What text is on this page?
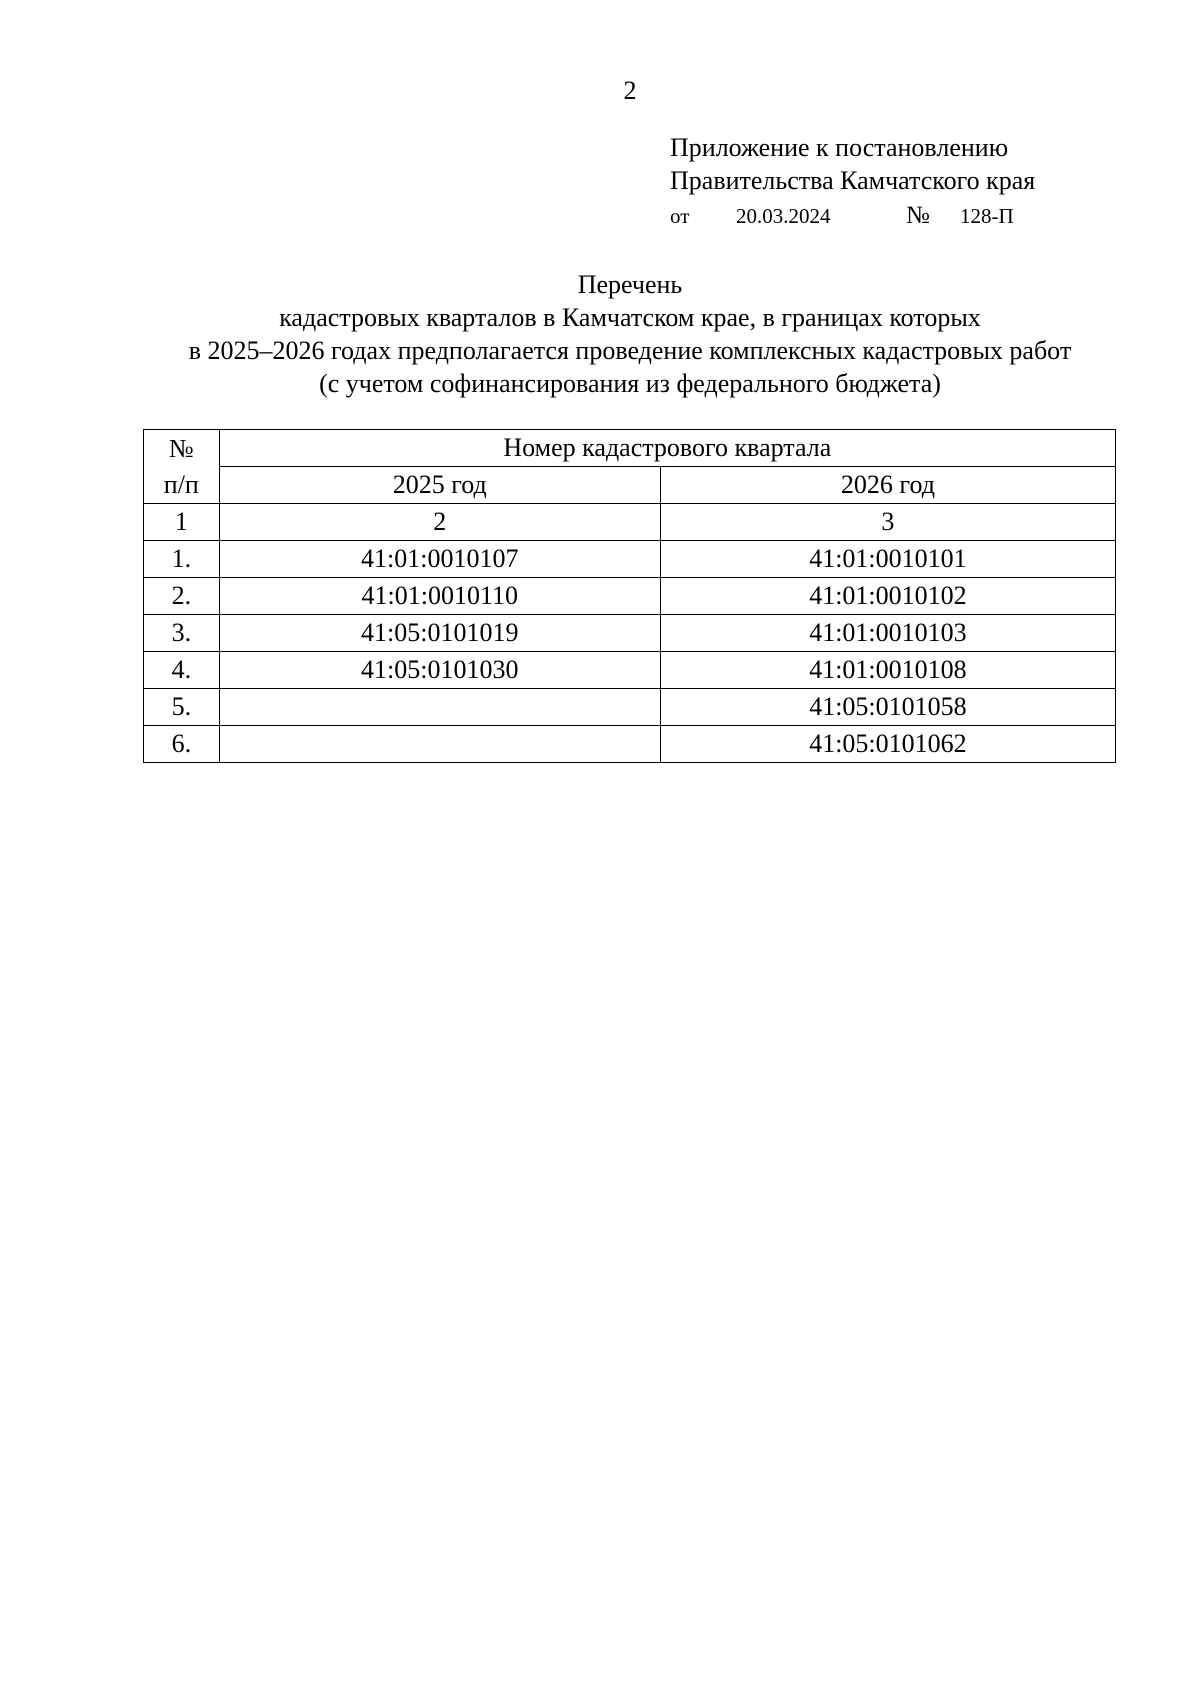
2
Приложение к постановлению
Правительства Камчатского края
от 20.03.2024	№ 128-П
Перечень
кадастровых кварталов в Камчатском крае, в границах которых
в 2025–2026 годах предполагается проведение комплексных кадастровых работ
(с учетом софинансирования из федерального бюджета)
№
п/п	Номер кадастрового квартала	
	2025 год	2026 год
1	2	3
1.	41:01:0010107	41:01:0010101
2.	41:01:0010110	41:01:0010102
3.	41:05:0101019	41:01:0010103
4.	41:05:0101030	41:01:0010108
5.		41:05:0101058
6.		41:05:0101062
